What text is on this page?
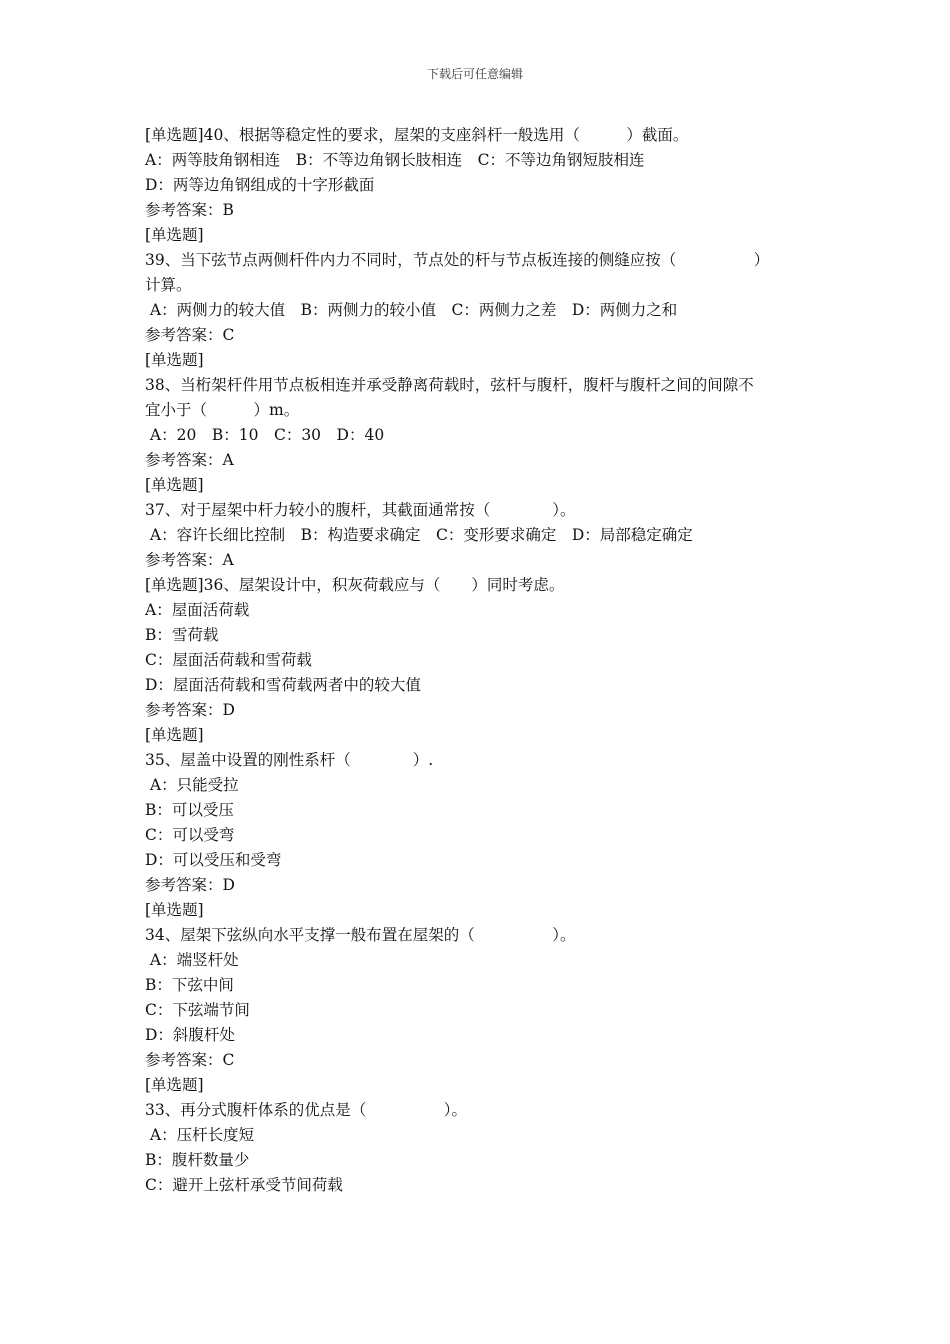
下载后可任意编辑
[单选题]40、根据等稳定性的要求，屋架的支座斜杆一般选用（　　　）截面。
A：两等肢角钢相连　B：不等边角钢长肢相连　C：不等边角钢短肢相连
D：两等边角钢组成的十字形截面
参考答案：B
[单选题]
39、当下弦节点两侧杆件内力不同时，节点处的杆与节点板连接的侧缝应按（　　　　　）
计算。
A：两侧力的较大值　B：两侧力的较小值　C：两侧力之差　D：两侧力之和
参考答案：C
[单选题]
38、当桁架杆件用节点板相连并承受静离荷载时，弦杆与腹杆，腹杆与腹杆之间的间隙不
宜小于（　　　）m。
A：20　B：10　C：30　D：40
参考答案：A
[单选题]
37、对于屋架中杆力较小的腹杆，其截面通常按（　　　　）。
A：容许长细比控制　B：构造要求确定　C：变形要求确定　D：局部稳定确定
参考答案：A
[单选题]36、屋架设计中，积灰荷载应与（　　）同时考虑。
A：屋面活荷载
B：雪荷载
C：屋面活荷载和雪荷载
D：屋面活荷载和雪荷载两者中的较大值
参考答案：D
[单选题]
35、屋盖中设置的刚性系杆（　　　　）.
A：只能受拉
B：可以受压
C：可以受弯
D：可以受压和受弯
参考答案：D
[单选题]
34、屋架下弦纵向水平支撑一般布置在屋架的（　　　　　）。
A：端竖杆处
B：下弦中间
C：下弦端节间
D：斜腹杆处
参考答案：C
[单选题]
33、再分式腹杆体系的优点是（　　　　　）。
A：压杆长度短
B：腹杆数量少
C：避开上弦杆承受节间荷载
